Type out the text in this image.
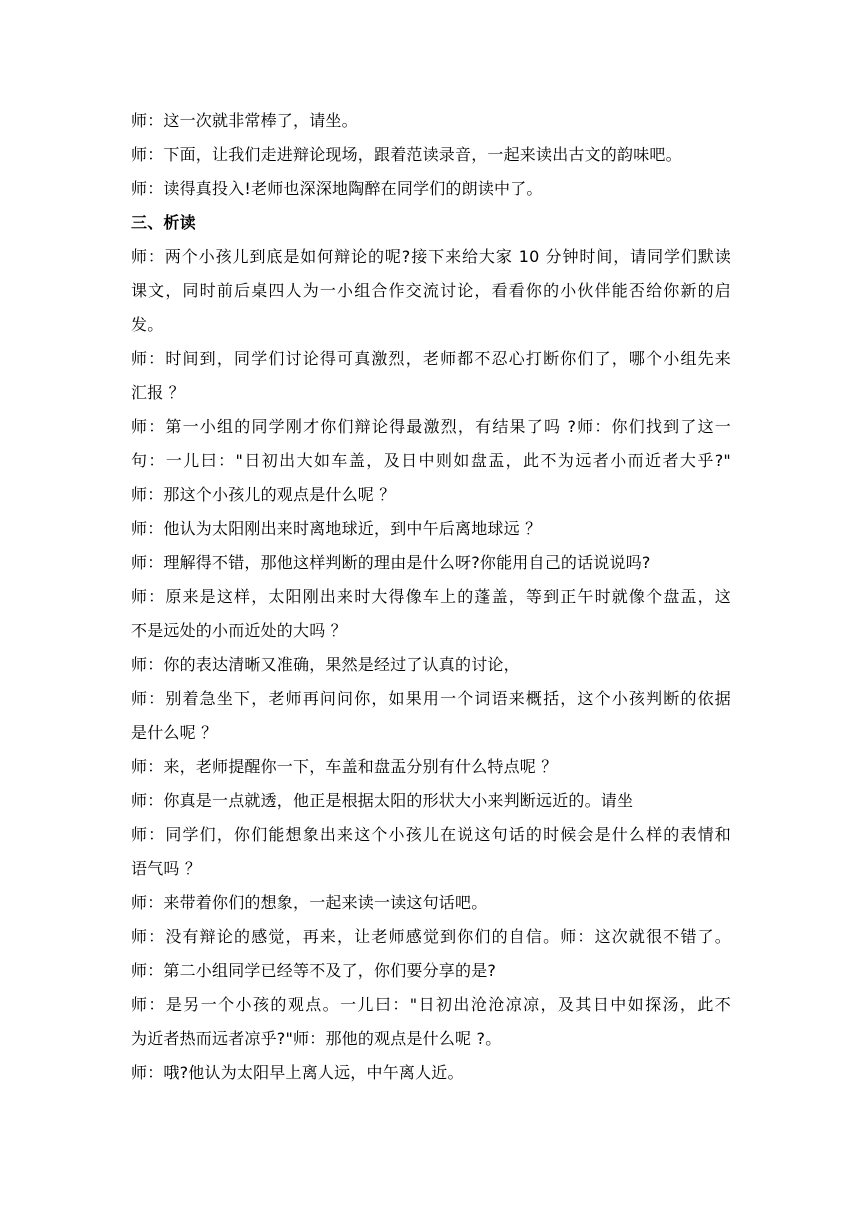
师：这一次就非常棒了，请坐。

师：下面，让我们走进辩论现场，跟着范读录音，一起来读出古文的韵味吧。

师：读得真投入!老师也深深地陶醉在同学们的朗读中了。

三、析读

师：两个小孩儿到底是如何辩论的呢?接下来给大家 10 分钟时间，请同学们默读

课文，同时前后桌四人为一小组合作交流讨论，看看你的小伙伴能否给你新的启

发。

师：时间到，同学们讨论得可真激烈，老师都不忍心打断你们了，哪个小组先来

汇报 ？

师：第一小组的同学刚才你们辩论得最激烈，有结果了吗 ?师：你们找到了这一

句：一儿曰："日初出大如车盖，及日中则如盘盂，此不为远者小而近者大乎?"

师：那这个小孩儿的观点是什么呢 ？

师：他认为太阳刚出来时离地球近，到中午后离地球远 ？

师：理解得不错，那他这样判断的理由是什么呀?你能用自己的话说说吗?

师：原来是这样，太阳刚出来时大得像车上的蓬盖，等到正午时就像个盘盂，这

不是远处的小而近处的大吗 ？

师：你的表达清晰又准确，果然是经过了认真的讨论，

师：别着急坐下，老师再问问你，如果用一个词语来概括，这个小孩判断的依据

是什么呢 ？

师：来，老师提醒你一下，车盖和盘盂分别有什么特点呢 ？

师：你真是一点就透，他正是根据太阳的形状大小来判断远近的。请坐

师：同学们，你们能想象出来这个小孩儿在说这句话的时候会是什么样的表情和

语气吗 ？

师：来带着你们的想象，一起来读一读这句话吧。

师：没有辩论的感觉，再来，让老师感觉到你们的自信。师：这次就很不错了。

师：第二小组同学已经等不及了，你们要分享的是?

师：是另一个小孩的观点。一儿曰："日初出沧沧凉凉，及其日中如探汤，此不

为近者热而远者凉乎?"师：那他的观点是什么呢 ?。

师：哦?他认为太阳早上离人远，中午离人近。
